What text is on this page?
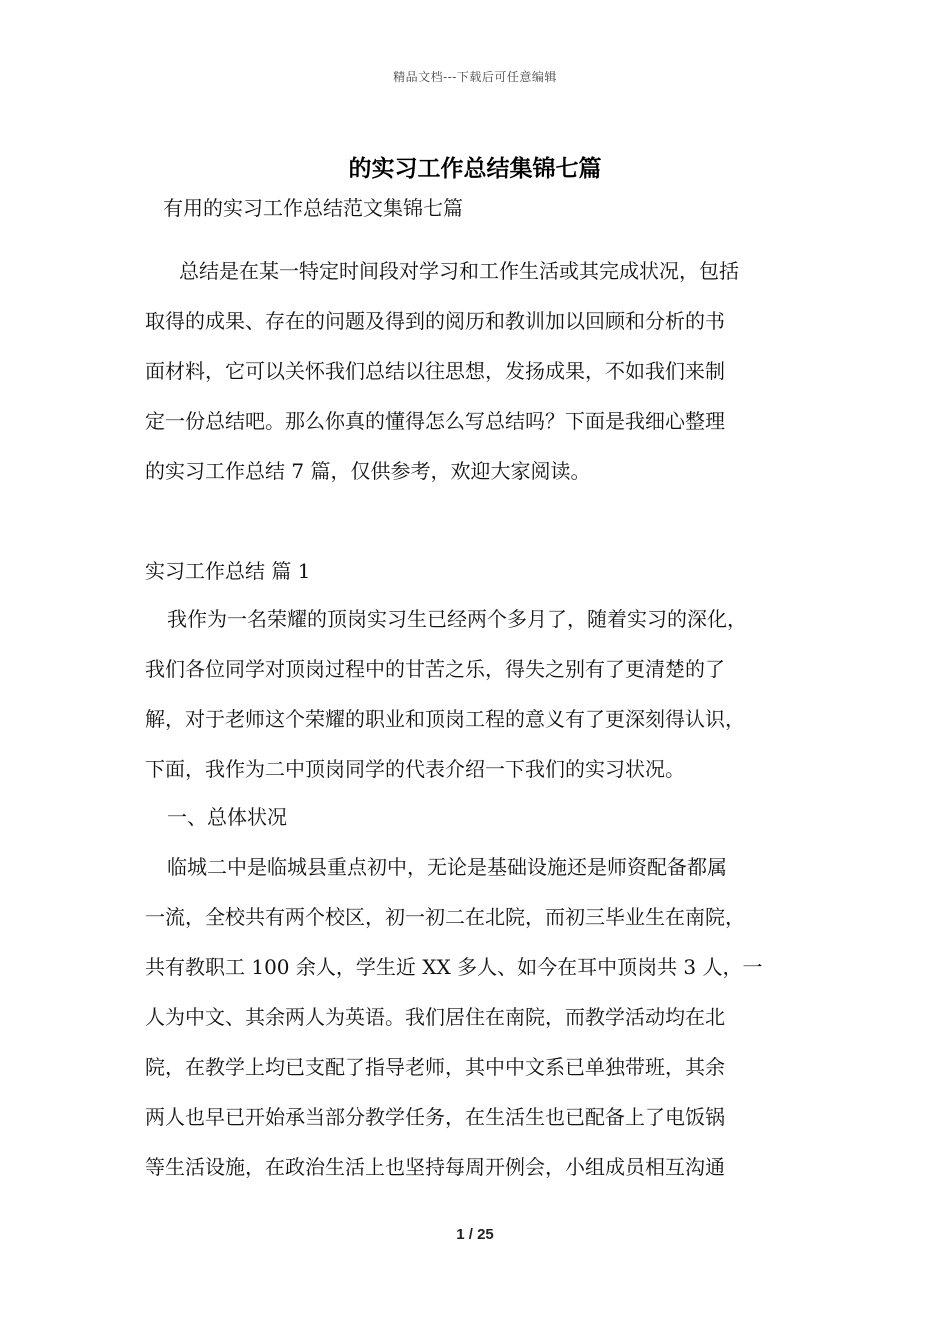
精品文档---下载后可任意编辑
的实习工作总结集锦七篇
有用的实习工作总结范文集锦七篇
总结是在某一特定时间段对学习和工作生活或其完成状况，包括
取得的成果、存在的问题及得到的阅历和教训加以回顾和分析的书
面材料，它可以关怀我们总结以往思想，发扬成果，不如我们来制
定一份总结吧。那么你真的懂得怎么写总结吗？下面是我细心整理
的实习工作总结 7 篇，仅供参考，欢迎大家阅读。
实习工作总结 篇 1
我作为一名荣耀的顶岗实习生已经两个多月了，随着实习的深化，
我们各位同学对顶岗过程中的甘苦之乐，得失之别有了更清楚的了
解，对于老师这个荣耀的职业和顶岗工程的意义有了更深刻得认识，
下面，我作为二中顶岗同学的代表介绍一下我们的实习状况。
一、总体状况
临城二中是临城县重点初中，无论是基础设施还是师资配备都属
一流，全校共有两个校区，初一初二在北院，而初三毕业生在南院，
共有教职工 100 余人，学生近 XX 多人、如今在耳中顶岗共 3 人，一
人为中文、其余两人为英语。我们居住在南院，而教学活动均在北
院，在教学上均已支配了指导老师，其中中文系已单独带班，其余
两人也早已开始承当部分教学任务，在生活生也已配备上了电饭锅
等生活设施，在政治生活上也坚持每周开例会，小组成员相互沟通
1 / 25
